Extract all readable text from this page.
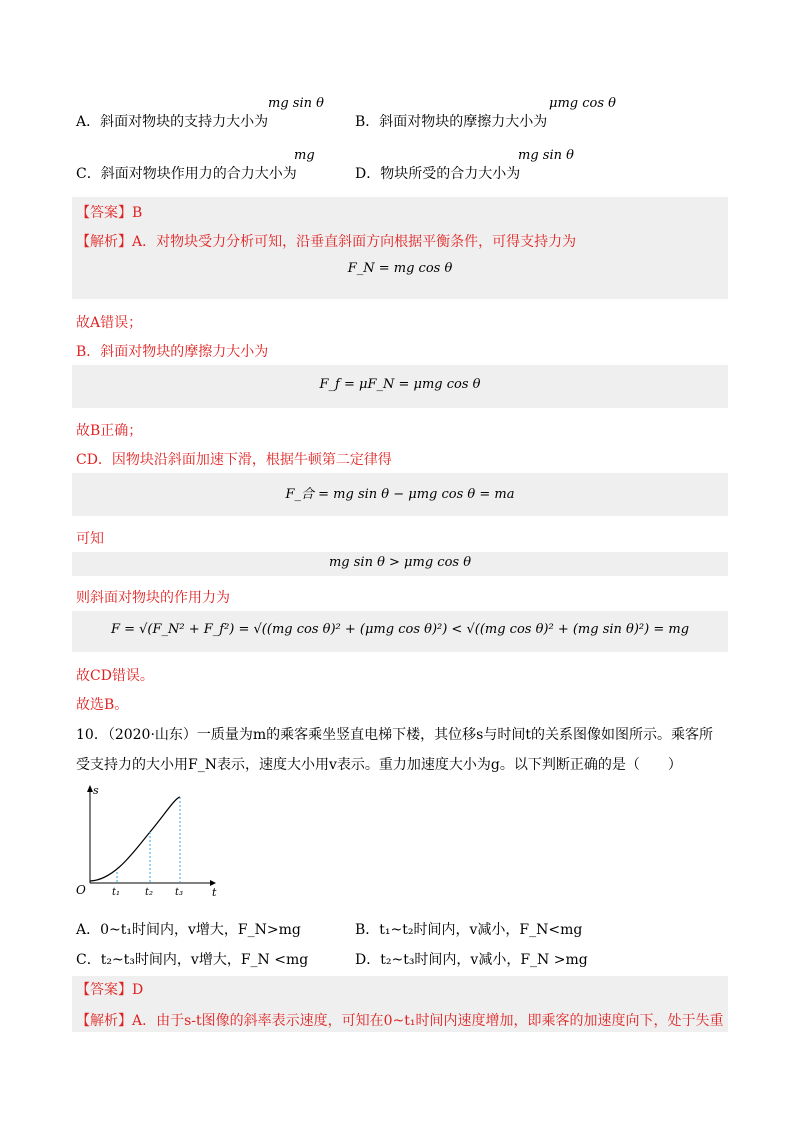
A．斜面对物块的支持力大小为
mg sin θ
B．斜面对物块的摩擦力大小为
μmg cos θ
C．斜面对物块作用力的合力大小为
mg
D．物块所受的合力大小为
mg sin θ
【答案】B
【解析】A．对物块受力分析可知，沿垂直斜面方向根据平衡条件，可得支持力为
F_N = mg cos θ
故A错误；
B．斜面对物块的摩擦力大小为
F_f = μF_N = μmg cos θ
故B正确；
CD．因物块沿斜面加速下滑，根据牛顿第二定律得
F_合 = mg sin θ − μmg cos θ = ma
可知
mg sin θ > μmg cos θ
则斜面对物块的作用力为
F = √(F_N² + F_f²) = √((mg cos θ)² + (μmg cos θ)²) < √((mg cos θ)² + (mg sin θ)²) = mg
故CD错误。
故选B。
10．（2020·山东）一质量为m的乘客乘坐竖直电梯下楼，其位移s与时间t的关系图像如图所示。乘客所
受支持力的大小用F_N表示，速度大小用v表示。重力加速度大小为g。以下判断正确的是（　　）
s
t
O	t₁ t₂ t₃
A．0~t₁时间内，v增大，F_N>mg	B．t₁~t₂时间内，v减小，F_N<mg
C．t₂~t₃时间内，v增大，F_N <mg	D．t₂~t₃时间内，v减小，F_N >mg
【答案】D
【解析】A．由于s-t图像的斜率表示速度，可知在0~t₁时间内速度增加，即乘客的加速度向下，处于失重
